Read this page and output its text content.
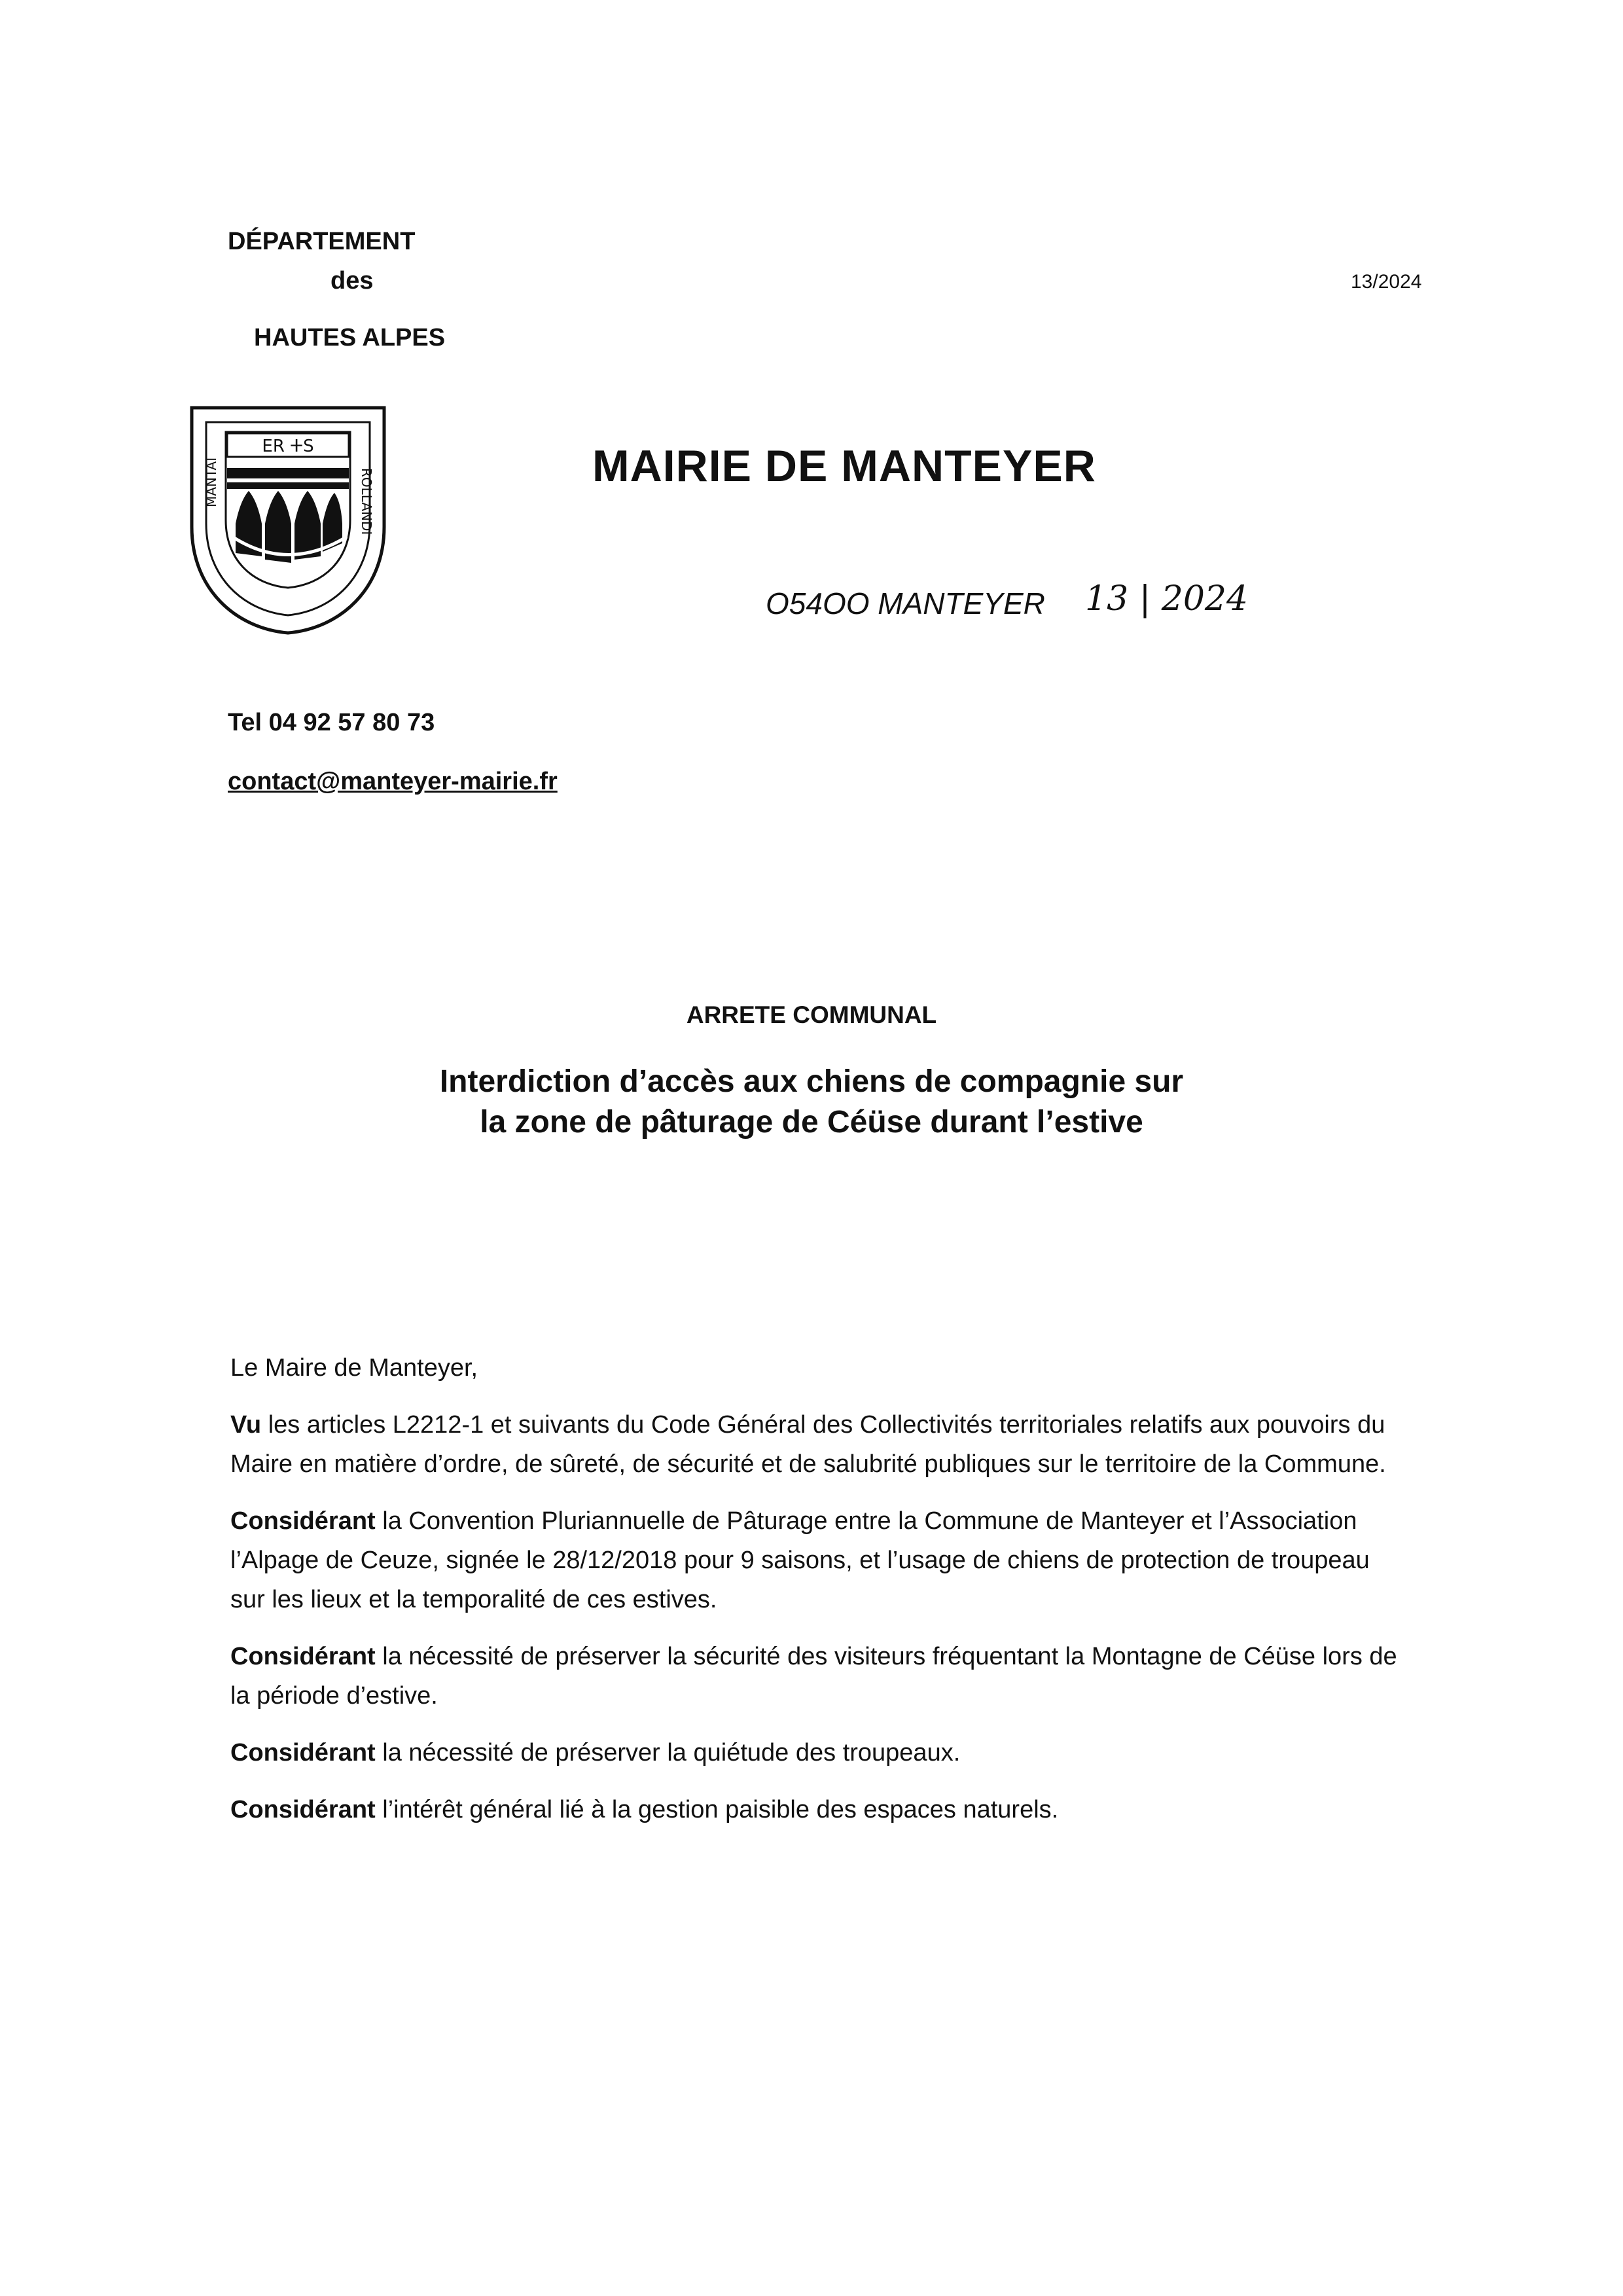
DÉPARTEMENT
des
HAUTES ALPES
13/2024
ER ⵜS
MANTAI	ROLLANDI
MAIRIE DE MANTEYER
O54OO MANTEYER 13 | 2024
Tel 04 92 57 80 73
contact@manteyer-mairie.fr
ARRETE COMMUNAL
Interdiction d’accès aux chiens de compagnie sur
la zone de pâturage de Céüse durant l’estive

Le Maire de Manteyer,

Vu les articles L2212-1 et suivants du Code Général des Collectivités territoriales relatifs aux pouvoirs du Maire en matière d’ordre, de sûreté, de sécurité et de salubrité publiques sur le territoire de la Commune.

Considérant la Convention Pluriannuelle de Pâturage entre la Commune de Manteyer et l’Association l’Alpage de Ceuze, signée le 28/12/2018 pour 9 saisons, et l’usage de chiens de protection de troupeau sur les lieux et la temporalité de ces estives.

Considérant la nécessité de préserver la sécurité des visiteurs fréquentant la Montagne de Céüse lors de la période d’estive.

Considérant la nécessité de préserver la quiétude des troupeaux.

Considérant l’intérêt général lié à la gestion paisible des espaces naturels.
